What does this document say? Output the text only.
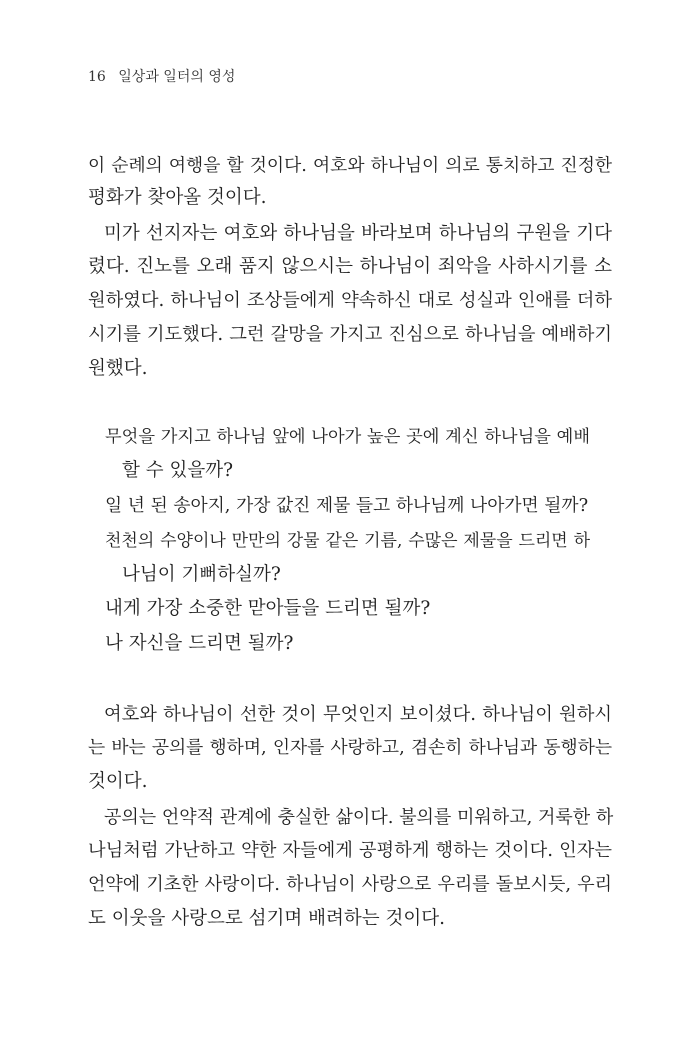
16 일상과 일터의 영성
이 순례의 여행을 할 것이다. 여호와 하나님이 의로 통치하고 진정한
평화가 찾아올 것이다.
미가 선지자는 여호와 하나님을 바라보며 하나님의 구원을 기다
렸다. 진노를 오래 품지 않으시는 하나님이 죄악을 사하시기를 소
원하였다. 하나님이 조상들에게 약속하신 대로 성실과 인애를 더하
시기를 기도했다. 그런 갈망을 가지고 진심으로 하나님을 예배하기
원했다.
무엇을 가지고 하나님 앞에 나아가 높은 곳에 계신 하나님을 예배
할 수 있을까?
일 년 된 송아지, 가장 값진 제물 들고 하나님께 나아가면 될까?
천천의 수양이나 만만의 강물 같은 기름, 수많은 제물을 드리면 하
나님이 기뻐하실까?
내게 가장 소중한 맏아들을 드리면 될까?
나 자신을 드리면 될까?
여호와 하나님이 선한 것이 무엇인지 보이셨다. 하나님이 원하시
는 바는 공의를 행하며, 인자를 사랑하고, 겸손히 하나님과 동행하는
것이다.
공의는 언약적 관계에 충실한 삶이다. 불의를 미워하고, 거룩한 하
나님처럼 가난하고 약한 자들에게 공평하게 행하는 것이다. 인자는
언약에 기초한 사랑이다. 하나님이 사랑으로 우리를 돌보시듯, 우리
도 이웃을 사랑으로 섬기며 배려하는 것이다.
